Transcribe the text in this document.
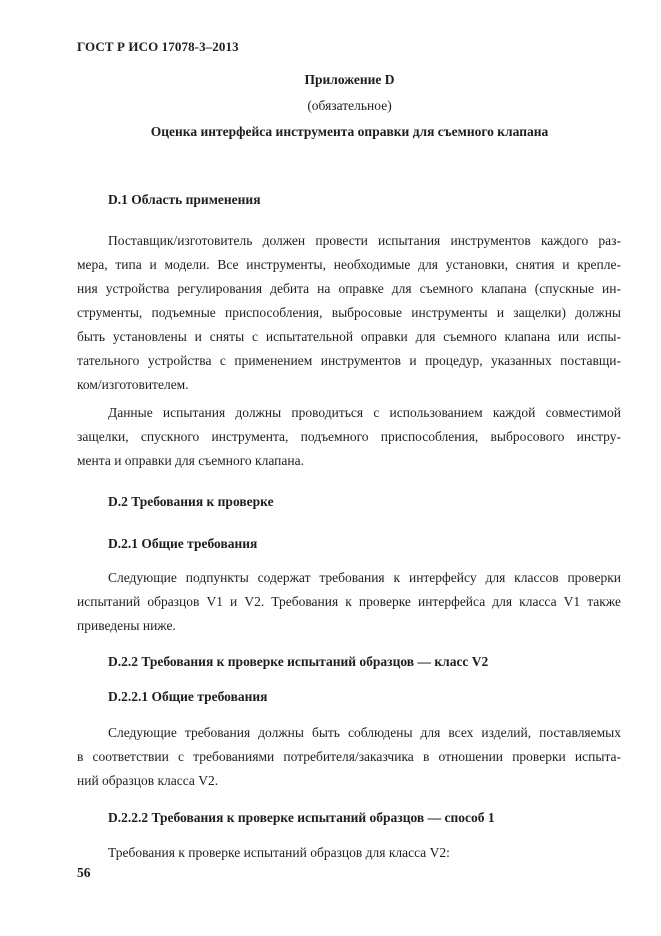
ГОСТ Р ИСО 17078-3–2013
Приложение D
(обязательное)
Оценка интерфейса инструмента оправки для съемного клапана
D.1 Область применения
Поставщик/изготовитель должен провести испытания инструментов каждого раз-
мера, типа и модели. Все инструменты, необходимые для установки, снятия и крепле-
ния устройства регулирования дебита на оправке для съемного клапана (спускные ин-
струменты, подъемные приспособления, выбросовые инструменты и защелки) должны
быть установлены и сняты с испытательной оправки для съемного клапана или испы-
тательного устройства с применением инструментов и процедур, указанных поставщи-
ком/изготовителем.
Данные испытания должны проводиться с использованием каждой совместимой
защелки, спускного инструмента, подъемного приспособления, выбросового инстру-
мента и оправки для съемного клапана.
D.2 Требования к проверке
D.2.1 Общие требования
Следующие подпункты содержат требования к интерфейсу для классов проверки
испытаний образцов V1 и V2. Требования к проверке интерфейса для класса V1 также
приведены ниже.
D.2.2 Требования к проверке испытаний образцов — класс V2
D.2.2.1 Общие требования
Следующие требования должны быть соблюдены для всех изделий, поставляемых
в соответствии с требованиями потребителя/заказчика в отношении проверки испыта-
ний образцов класса V2.
D.2.2.2 Требования к проверке испытаний образцов — способ 1
Требования к проверке испытаний образцов для класса V2:
56
